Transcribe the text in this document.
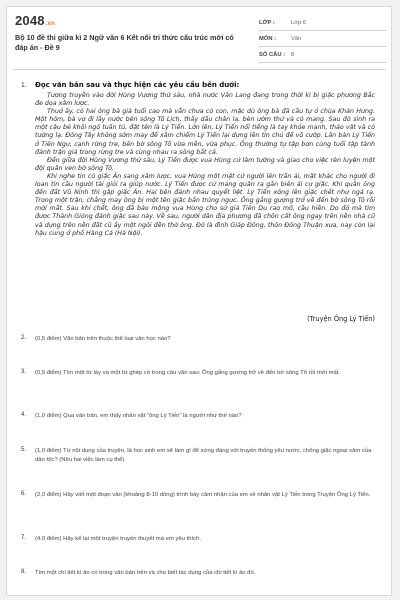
2048.vn
Bộ 10 đề thi giữa kì 2 Ngữ văn 6 Kết nối tri thức cấu trúc mới có đáp án - Đề 9
LỚP :	Lớp 6
MÔN :	Văn
SỐ CÂU :	8
1.	Đọc văn bản sau và thực hiện các yêu cầu bên dưới:

Tương truyền vào đời Hùng Vương thứ sáu, nhà nước Văn Lang đang trong thời kì bị giặc phương Bắc đe dọa xâm lược.

Thuở ấy, có hai ông bà già tuổi cao mà vẫn chưa có con, mặc dù ông bà đã cầu tự ở chùa Khán Hưng. Một hôm, bà vợ đi lấy nước bên sông Tô Lịch, thấy dấu chân lạ, bèn ướm thử và có mang. Sau đó sinh ra một cậu bé khôi ngô tuấn tú, đặt tên là Lý Tiến. Lớn lên, Lý Tiến nổi tiếng là tay khỏe mạnh, thảo vật và có tướng lạ. Đông Tây không sớm may để xâm chiếm Lý Tiến lại dựng lên tin chủ để võ cướp. Lân bàn Lý Tiến ở Tiên Ngư, cạnh rừng tre, bên bờ sông Tô vừa mền, vừa phục. Ông thường tự tập bơn cùng tuổi tập tành đánh trận giả trong rừng tre và cùng nhau ra sông bắt cá.

Đến giữa đời Hùng Vương thứ sáu, Lý Tiến được vua Hùng cử làm tướng và giao cho việc rèn luyện một đội quân ven bờ sông Tô.

Khi nghe tin có giặc Ân sang xâm lược, vua Hùng một mặt cử người lên trấn ải, mặt khác cho người đi loan tin cầu người tài giỏi ra giúp nước. Lý Tiến được cử mang quân ra gần biên ải cự giặc. Khi quân ông đến đất Vũ Ninh thì gặp giặc Ân. Hai bên đánh nhau quyết liệt. Lý Tiến xông lên giặc chết như ngả rạ. Trong một trận, chẳng may ông bị một tên giặc bắn trúng ngực. Ông gắng gượng trở về đến bờ sông Tô rồi mới mất. Sau khi chết, ông đã báo mộng vua Hùng cho sứ giả Tiên Du rao mõ, cầu hiền. Do đó mà tìm được Thánh Gióng đánh giặc sau này. Về sau, người dân địa phương đã chôn cất ông ngay trên nền nhà cũ và dựng trên nền đất cũ ấy một ngôi đền thờ ông. Đó là đình Giáp Đông, thôn Đông Thuận xưa, nay còn lại hậu cung ở phố Hàng Cá (Hà Nội).

(Truyện Ông Lý Tiến)
2.	(0,5 điểm) Văn bản trên thuộc thể loại văn học nào?
3.	(0,5 điểm) Tìm một từ láy và một từ ghép có trong câu văn sau: Ông gắng gượng trở về đến bờ sông Tô rồi mới mất.
4.	(1,0 điểm) Qua văn bản, em thấy nhân vật “ông Lý Tiến” là người như thế nào?
5.	(1,0 điểm) Từ nội dung của truyện, là học sinh em sẽ làm gì để xứng đáng với truyền thống yêu nước, chống giặc ngoại xâm của dân tộc? (Nêu hai việc làm cụ thể)
6.	(2,0 điểm) Hãy viết một đoạn văn (khoảng 8-10 dòng) trình bày cảm nhận của em về nhân vật Lý Tiến trong Truyện Ông Lý Tiến.
7.	(4,0 điểm) Hãy kể lại một truyện truyền thuyết mà em yêu thích.
8.	Tìm một chi tiết kì ảo có trong văn bản trên và cho biết tác dụng của chi tiết kì ảo đó.
